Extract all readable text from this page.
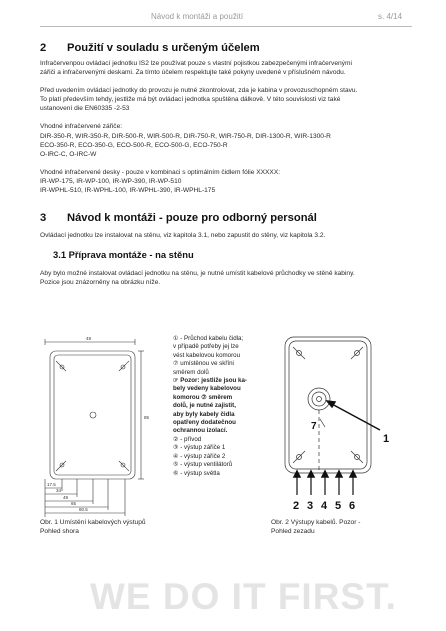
Návod k montáži a použití	s. 4/14
2	Použití v souladu s určeným účelem

Infračervenpou ovládací jednotku IS2 lze používat pouze s vlastní pojistkou zabezpečenými infračervenými
zářiči a infračervenými deskami. Za tímto účelem respektujte také pokyny uvedené v příslušném návodu.

Před uvedením ovládací jednotky do provozu je nutné zkontrolovat, zda je kabina v provozuschopném stavu.
To platí především tehdy, jestliže má být ovládací jednotka spuštěna dálkově. V této souvislosti viz také
ustanovení die EN60335 -2-53

Vhodné infračervené zářiče:
DIR-350-R, WIR-350-R, DIR-500-R, WIR-500-R, DIR-750-R, WIR-750-R, DIR-1300-R, WIR-1300-R
ECO-350-R, ECO-350-G, ECO-500-R, ECO-500-G, ECO-750-R
O-IRC-C, O-IRC-W

Vhodné infračervené desky - pouze v kombinaci s optimálním čidlem fólie XXXXX:
IR-WP-175, IR-WP-100, IR-WP-390, IR-WP-510
IR-WPHL-510, IR-WPHL-100, IR-WPHL-390, IR-WPHL-175

3	Návod k montáži - pouze pro odborný personál

Ovládací jednotku lze instalovat na stěnu, viz kapitola 3.1, nebo zapustit do stěny, viz kapitola 3.2.

3.1 Příprava montáže - na stěnu

Aby bylo možné instalovat ovládací jednotku na stěnu, je nutné umístit kabelové průchodky ve stěně kabiny.
Pozice jsou znázorněny na obrázku níže.

49
85
17.5
34
49
65
80.5
① - Průchod kabelu čidla;
v případě potřeby jej lze
vést kabelovou komorou
⑦ umístěnou ve skříni
směrem dolů
☞ Pozor: jestliže jsou ka-
bely vedeny kabelovou
komorou ⑦ směrem
dolů, je nutné zajistit,
aby byly kabely čidla
opatřeny dodatečnou
ochrannou izolací.
② - přívod
③ - výstup zářiče 1
④ - výstup zářiče 2
⑤ - výstup ventilátorů
⑥ - výstup světla
1
7
2 3 4 5 6
Obr. 1 Umístění kabelových výstupů
Pohled shora
Obr. 2 Výstupy kabelů. Pozor -
Pohled zezadu
WE DO IT FIRST.
